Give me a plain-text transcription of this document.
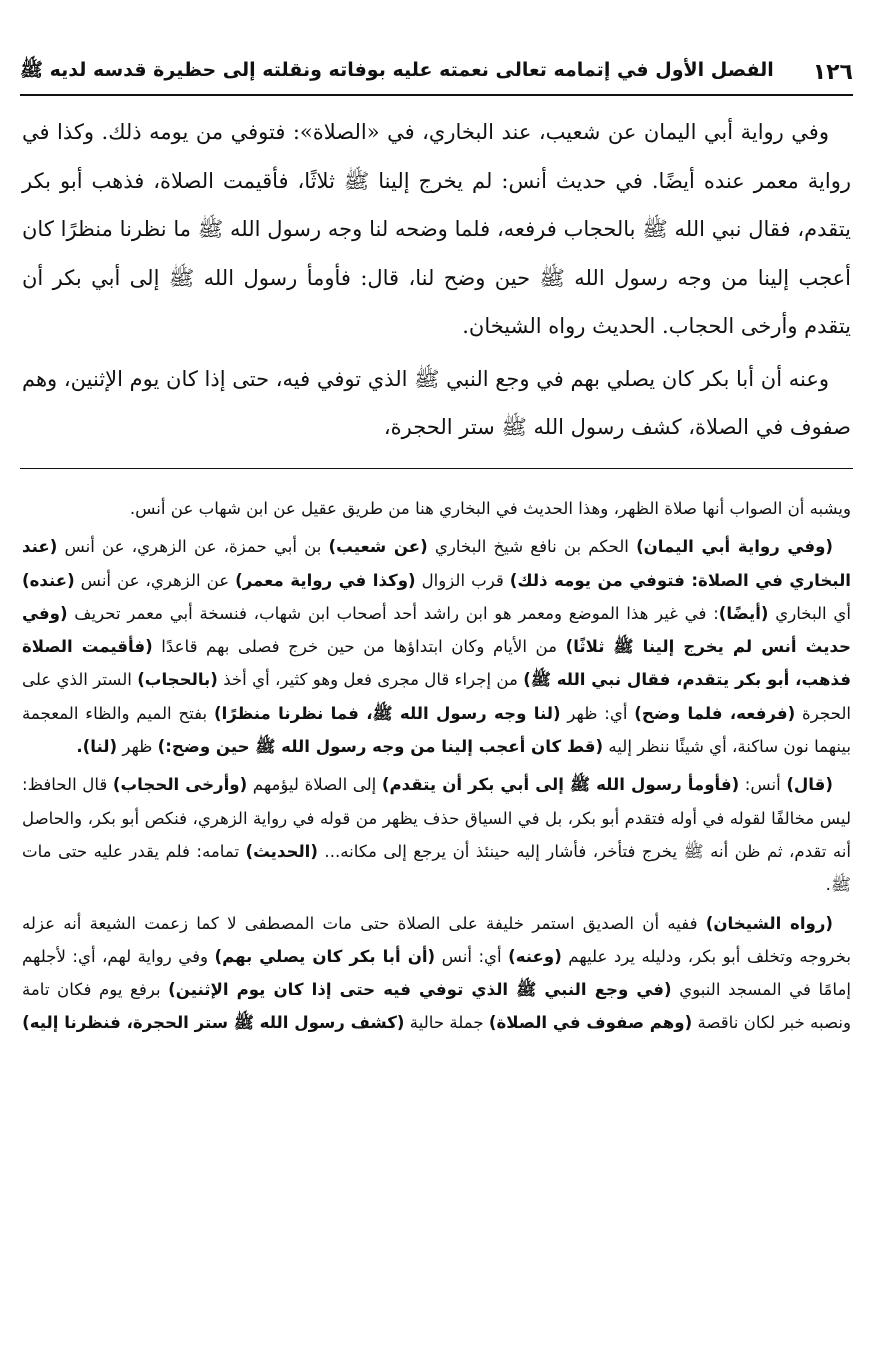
١٢٦
الفصل الأول في إتمامه تعالى نعمته عليه بوفاته ونقلته إلى حظيرة قدسه لديه ﷺ

وفي رواية أبي اليمان عن شعيب، عند البخاري، في «الصلاة»: فتوفي من يومه ذلك. وكذا في رواية معمر عنده أيضًا. في حديث أنس: لم يخرج إلينا ﷺ ثلاثًا، فأقيمت الصلاة، فذهب أبو بكر يتقدم، فقال نبي الله ﷺ بالحجاب فرفعه، فلما وضحه لنا وجه رسول الله ﷺ ما نظرنا منظرًا كان أعجب إلينا من وجه رسول الله ﷺ حين وضح لنا، قال: فأومأ رسول الله ﷺ إلى أبي بكر أن يتقدم وأرخى الحجاب. الحديث رواه الشيخان.

وعنه أن أبا بكر كان يصلي بهم في وجع النبي ﷺ الذي توفي فيه، حتى إذا كان يوم الإثنين، وهم صفوف في الصلاة، كشف رسول الله ﷺ ستر الحجرة،

ويشبه أن الصواب أنها صلاة الظهر، وهذا الحديث في البخاري هنا من طريق عقيل عن ابن شهاب عن أنس.

(وفي رواية أبي اليمان) الحكم بن نافع شيخ البخاري (عن شعيب) بن أبي حمزة، عن الزهري، عن أنس (عند البخاري في الصلاة: فتوفي من يومه ذلك) قرب الزوال (وكذا في رواية معمر) عن الزهري، عن أنس (عنده) أي البخاري (أيضًا): في غير هذا الموضع ومعمر هو ابن راشد أحد أصحاب ابن شهاب، فنسخة أبي معمر تحريف (وفي حديث أنس لم يخرج إلينا ﷺ ثلاثًا) من الأيام وكان ابتداؤها من حين خرج فصلى بهم قاعدًا (فأقيمت الصلاة فذهب، أبو بكر يتقدم، فقال نبي الله ﷺ) من إجراء قال مجرى فعل وهو كثير، أي أخذ (بالحجاب) الستر الذي على الحجرة (فرفعه، فلما وضح) أي: ظهر (لنا وجه رسول الله ﷺ، فما نظرنا منظرًا) بفتح الميم والظاء المعجمة بينهما نون ساكنة، أي شيئًا ننظر إليه (قط كان أعجب إلينا من وجه رسول الله ﷺ حين وضح:) ظهر (لنا).

(قال) أنس: (فأومأ رسول الله ﷺ إلى أبي بكر أن يتقدم) إلى الصلاة ليؤمهم (وأرخى الحجاب) قال الحافظ: ليس مخالفًا لقوله في أوله فتقدم أبو بكر، بل في السياق حذف يظهر من قوله في رواية الزهري، فنكص أبو بكر، والحاصل أنه تقدم، ثم ظن أنه ﷺ يخرج فتأخر، فأشار إليه حينئذ أن يرجع إلى مكانه... (الحديث) تمامه: فلم يقدر عليه حتى مات ﷺ.

(رواه الشيخان) ففيه أن الصديق استمر خليفة على الصلاة حتى مات المصطفى لا كما زعمت الشيعة أنه عزله بخروجه وتخلف أبو بكر، ودليله يرد عليهم (وعنه) أي: أنس (أن أبا بكر كان يصلي بهم) وفي رواية لهم، أي: لأجلهم إمامًا في المسجد النبوي (في وجع النبي ﷺ الذي توفي فيه حتى إذا كان يوم الإثنين) برفع يوم فكان تامة ونصبه خبر لكان ناقصة (وهم صفوف في الصلاة) جملة حالية (كشف رسول الله ﷺ ستر الحجرة، فنظرنا إليه)
